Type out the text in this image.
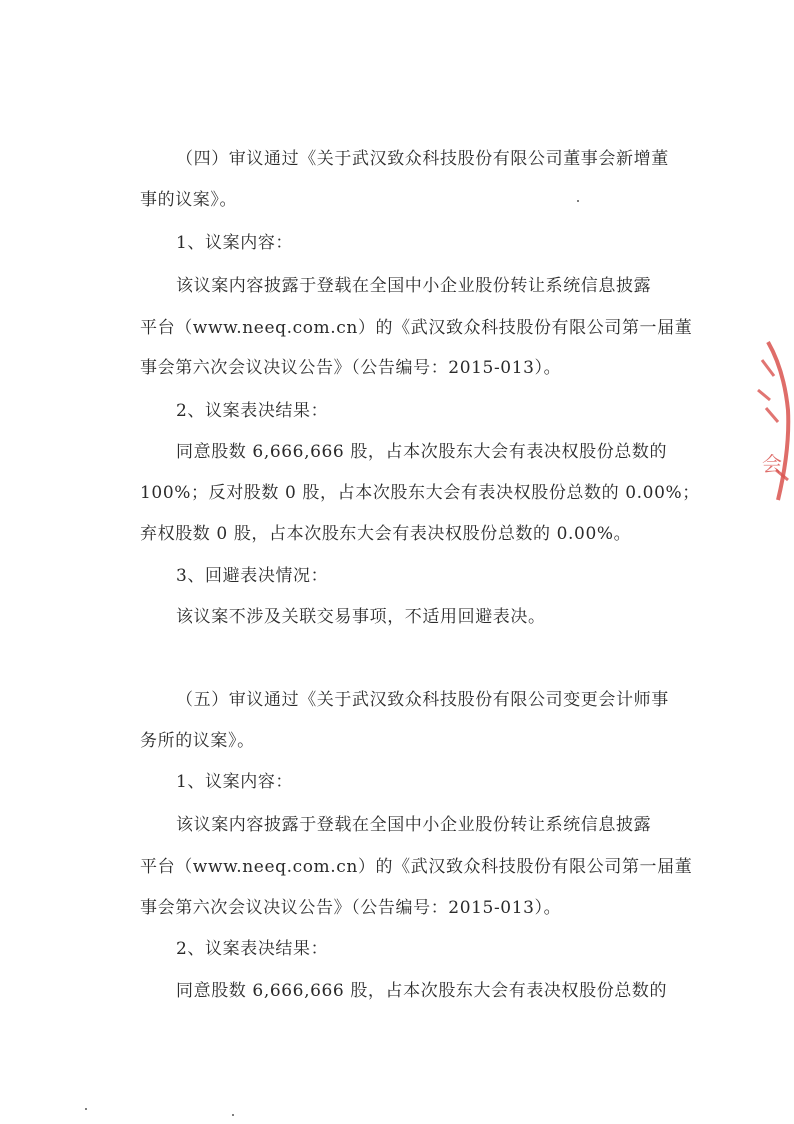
（四）审议通过《关于武汉致众科技股份有限公司董事会新增董
事的议案》。
1、议案内容：
该议案内容披露于登载在全国中小企业股份转让系统信息披露
平台（www.neeq.com.cn）的《武汉致众科技股份有限公司第一届董
事会第六次会议决议公告》（公告编号：2015-013）。
2、议案表决结果：
同意股数 6,666,666 股，占本次股东大会有表决权股份总数的
100%；反对股数 0 股，占本次股东大会有表决权股份总数的 0.00%；
弃权股数 0 股，占本次股东大会有表决权股份总数的 0.00%。
3、回避表决情况：
该议案不涉及关联交易事项，不适用回避表决。
（五）审议通过《关于武汉致众科技股份有限公司变更会计师事
务所的议案》。
1、议案内容：
该议案内容披露于登载在全国中小企业股份转让系统信息披露
平台（www.neeq.com.cn）的《武汉致众科技股份有限公司第一届董
事会第六次会议决议公告》（公告编号：2015-013）。
2、议案表决结果：
同意股数 6,666,666 股，占本次股东大会有表决权股份总数的
会
